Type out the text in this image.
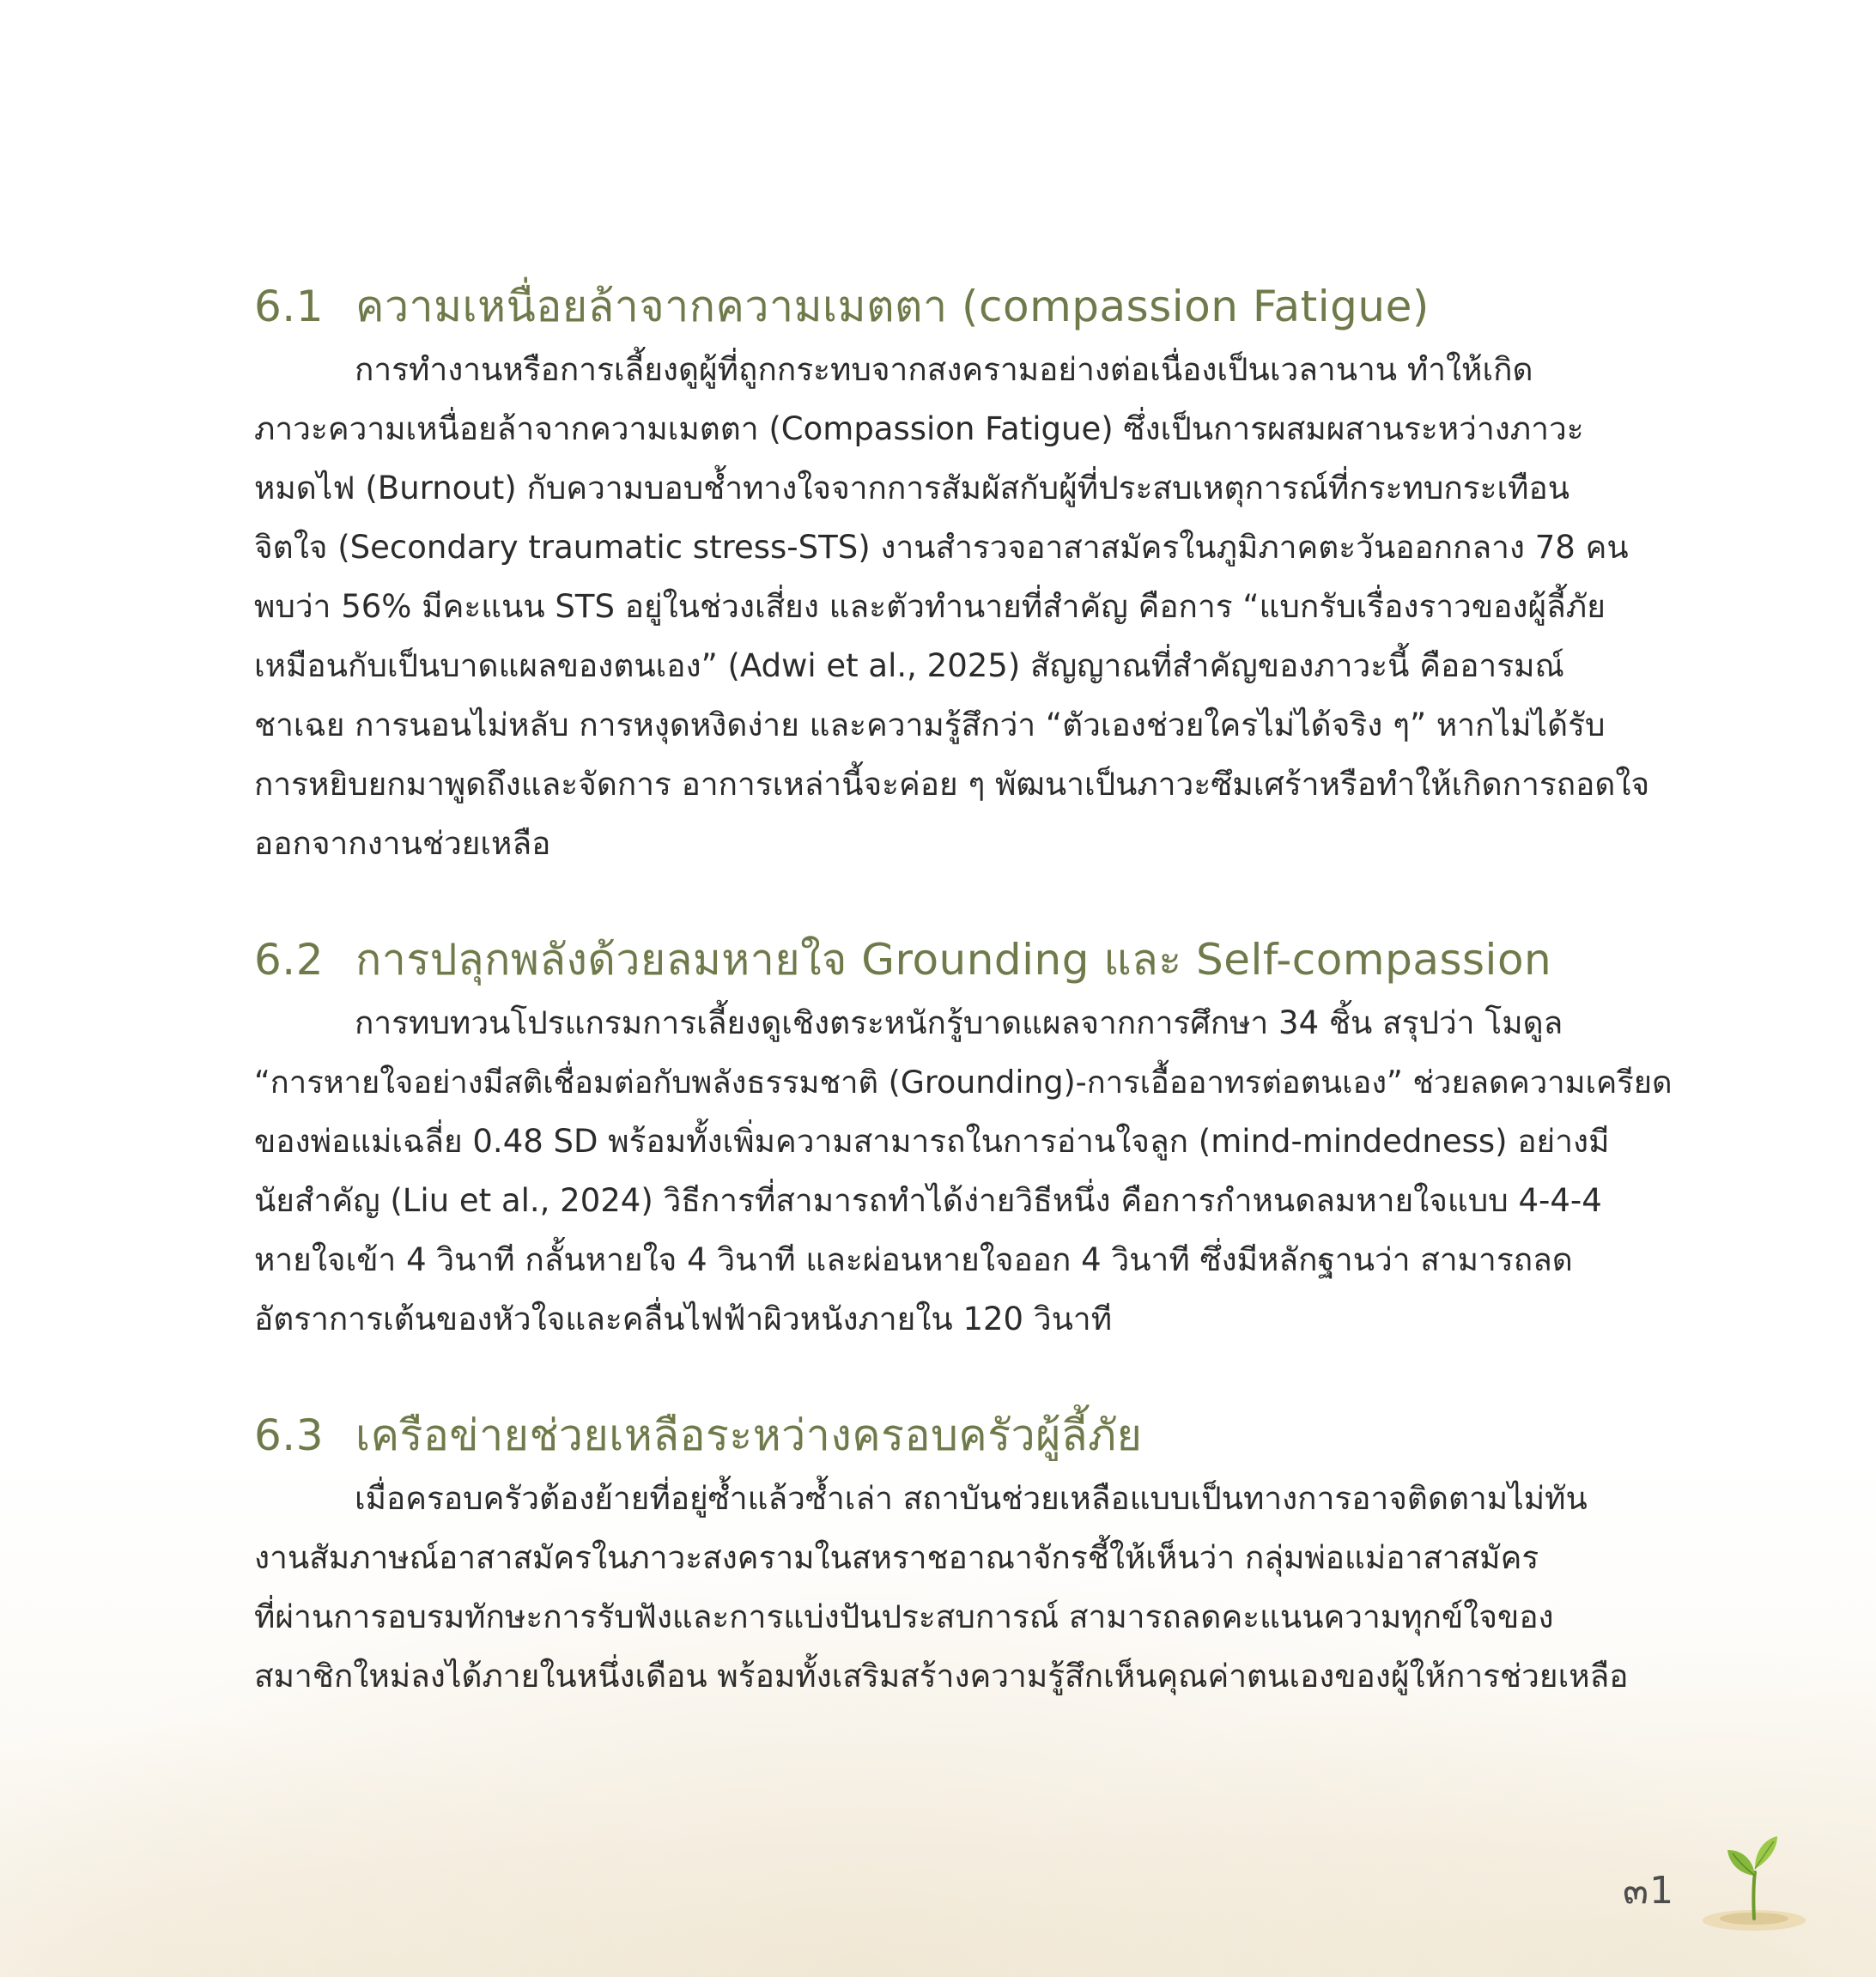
6.1 ความเหนื่อยล้าจากความเมตตา (compassion Fatigue)

การทำงานหรือการเลี้ยงดูผู้ที่ถูกกระทบจากสงครามอย่างต่อเนื่องเป็นเวลานาน ทำให้เกิด
ภาวะความเหนื่อยล้าจากความเมตตา (Compassion Fatigue) ซึ่งเป็นการผสมผสานระหว่างภาวะ
หมดไฟ (Burnout) กับความบอบช้ำทางใจจากการสัมผัสกับผู้ที่ประสบเหตุการณ์ที่กระทบกระเทือน
จิตใจ (Secondary traumatic stress-STS) งานสำรวจอาสาสมัครในภูมิภาคตะวันออกกลาง 78 คน
พบว่า 56% มีคะแนน STS อยู่ในช่วงเสี่ยง และตัวทำนายที่สำคัญ คือการ “แบกรับเรื่องราวของผู้ลี้ภัย
เหมือนกับเป็นบาดแผลของตนเอง” (Adwi et al., 2025) สัญญาณที่สำคัญของภาวะนี้ คืออารมณ์
ชาเฉย การนอนไม่หลับ การหงุดหงิดง่าย และความรู้สึกว่า “ตัวเองช่วยใครไม่ได้จริง ๆ” หากไม่ได้รับ
การหยิบยกมาพูดถึงและจัดการ อาการเหล่านี้จะค่อย ๆ พัฒนาเป็นภาวะซึมเศร้าหรือทำให้เกิดการถอดใจ
ออกจากงานช่วยเหลือ

6.2 การปลุกพลังด้วยลมหายใจ Grounding และ Self-compassion

การทบทวนโปรแกรมการเลี้ยงดูเชิงตระหนักรู้บาดแผลจากการศึกษา 34 ชิ้น สรุปว่า โมดูล
“การหายใจอย่างมีสติเชื่อมต่อกับพลังธรรมชาติ (Grounding)-การเอื้ออาทรต่อตนเอง” ช่วยลดความเครียด
ของพ่อแม่เฉลี่ย 0.48 SD พร้อมทั้งเพิ่มความสามารถในการอ่านใจลูก (mind-mindedness) อย่างมี
นัยสำคัญ (Liu et al., 2024) วิธีการที่สามารถทำได้ง่ายวิธีหนึ่ง คือการกำหนดลมหายใจแบบ 4-4-4
หายใจเข้า 4 วินาที กลั้นหายใจ 4 วินาที และผ่อนหายใจออก 4 วินาที ซึ่งมีหลักฐานว่า สามารถลด
อัตราการเต้นของหัวใจและคลื่นไฟฟ้าผิวหนังภายใน 120 วินาที

6.3 เครือข่ายช่วยเหลือระหว่างครอบครัวผู้ลี้ภัย

เมื่อครอบครัวต้องย้ายที่อยู่ซ้ำแล้วซ้ำเล่า สถาบันช่วยเหลือแบบเป็นทางการอาจติดตามไม่ทัน
งานสัมภาษณ์อาสาสมัครในภาวะสงครามในสหราชอาณาจักรชี้ให้เห็นว่า กลุ่มพ่อแม่อาสาสมัคร
ที่ผ่านการอบรมทักษะการรับฟังและการแบ่งปันประสบการณ์ สามารถลดคะแนนความทุกข์ใจของ
สมาชิกใหม่ลงได้ภายในหนึ่งเดือน พร้อมทั้งเสริมสร้างความรู้สึกเห็นคุณค่าตนเองของผู้ให้การช่วยเหลือ

๓1
